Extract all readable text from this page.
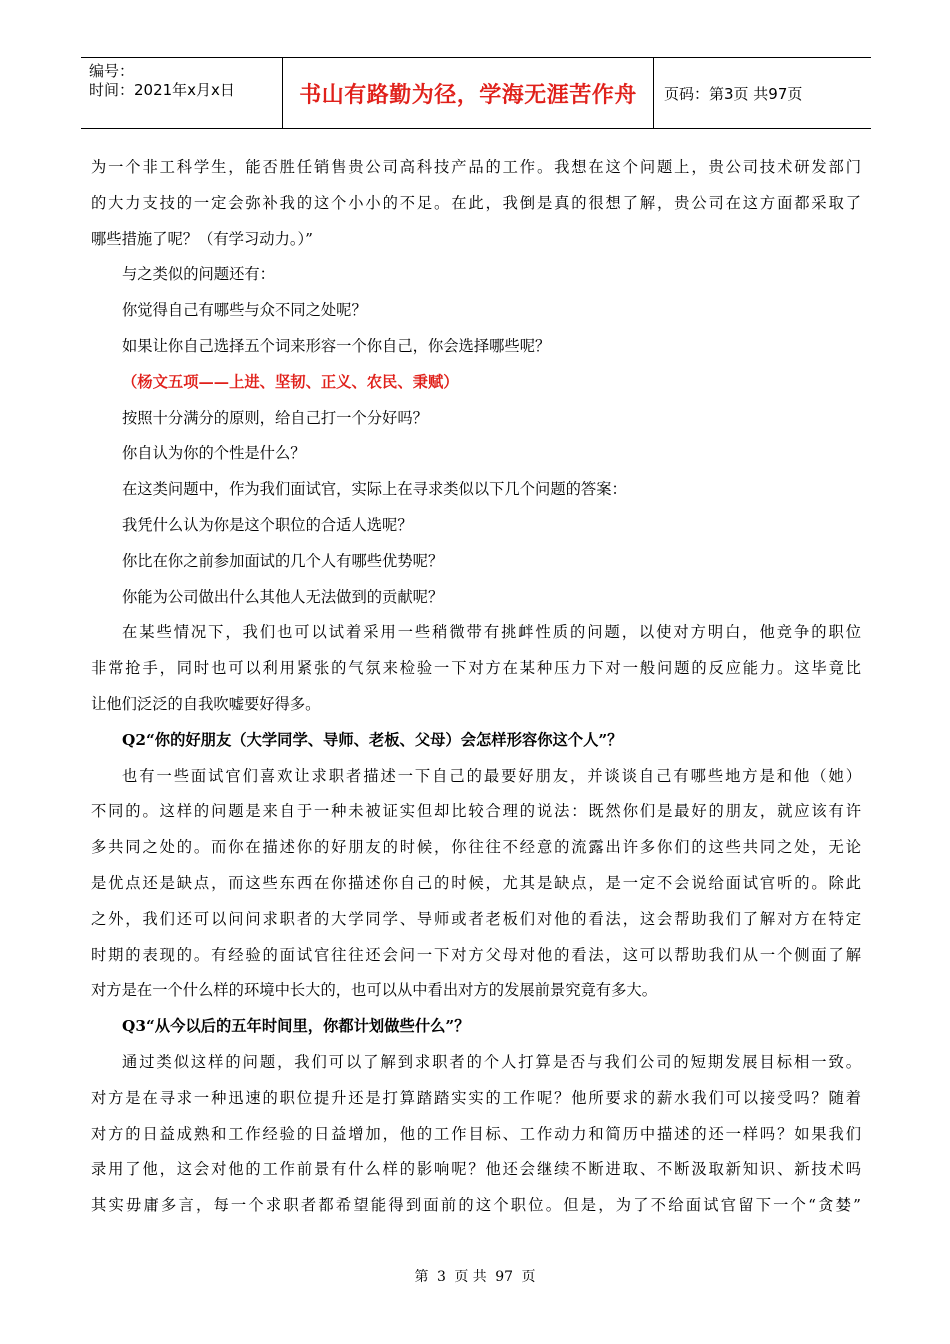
编号：
时间：2021年x月x日	书山有路勤为径，学海无涯苦作舟	页码：第3页 共97页
为一个非工科学生，能否胜任销售贵公司高科技产品的工作。我想在这个问题上，贵公司技术研发部门
的大力支技的一定会弥补我的这个小小的不足。在此，我倒是真的很想了解，贵公司在这方面都采取了
哪些措施了呢？（有学习动力。）”
与之类似的问题还有：
你觉得自己有哪些与众不同之处呢？
如果让你自己选择五个词来形容一个你自己，你会选择哪些呢？
（杨文五项——上进、坚韧、正义、农民、秉赋）
按照十分满分的原则，给自己打一个分好吗？
你自认为你的个性是什么？
在这类问题中，作为我们面试官，实际上在寻求类似以下几个问题的答案：
我凭什么认为你是这个职位的合适人选呢？
你比在你之前参加面试的几个人有哪些优势呢？
你能为公司做出什么其他人无法做到的贡献呢？
在某些情况下，我们也可以试着采用一些稍微带有挑衅性质的问题，以使对方明白，他竞争的职位
非常抢手，同时也可以利用紧张的气氛来检验一下对方在某种压力下对一般问题的反应能力。这毕竟比
让他们泛泛的自我吹嘘要好得多。
Q2“你的好朋友（大学同学、导师、老板、父母）会怎样形容你这个人”？
也有一些面试官们喜欢让求职者描述一下自己的最要好朋友，并谈谈自己有哪些地方是和他（她）
不同的。这样的问题是来自于一种未被证实但却比较合理的说法：既然你们是最好的朋友，就应该有许
多共同之处的。而你在描述你的好朋友的时候，你往往不经意的流露出许多你们的这些共同之处，无论
是优点还是缺点，而这些东西在你描述你自己的时候，尤其是缺点，是一定不会说给面试官听的。除此
之外，我们还可以问问求职者的大学同学、导师或者老板们对他的看法，这会帮助我们了解对方在特定
时期的表现的。有经验的面试官往往还会问一下对方父母对他的看法，这可以帮助我们从一个侧面了解
对方是在一个什么样的环境中长大的，也可以从中看出对方的发展前景究竟有多大。
Q3“从今以后的五年时间里，你都计划做些什么”？
通过类似这样的问题，我们可以了解到求职者的个人打算是否与我们公司的短期发展目标相一致。
对方是在寻求一种迅速的职位提升还是打算踏踏实实的工作呢？他所要求的薪水我们可以接受吗？随着
对方的日益成熟和工作经验的日益增加，他的工作目标、工作动力和简历中描述的还一样吗？如果我们
录用了他，这会对他的工作前景有什么样的影响呢？他还会继续不断进取、不断汲取新知识、新技术吗
其实毋庸多言，每一个求职者都希望能得到面前的这个职位。但是，为了不给面试官留下一个“贪婪”
第 3 页 共 97 页
